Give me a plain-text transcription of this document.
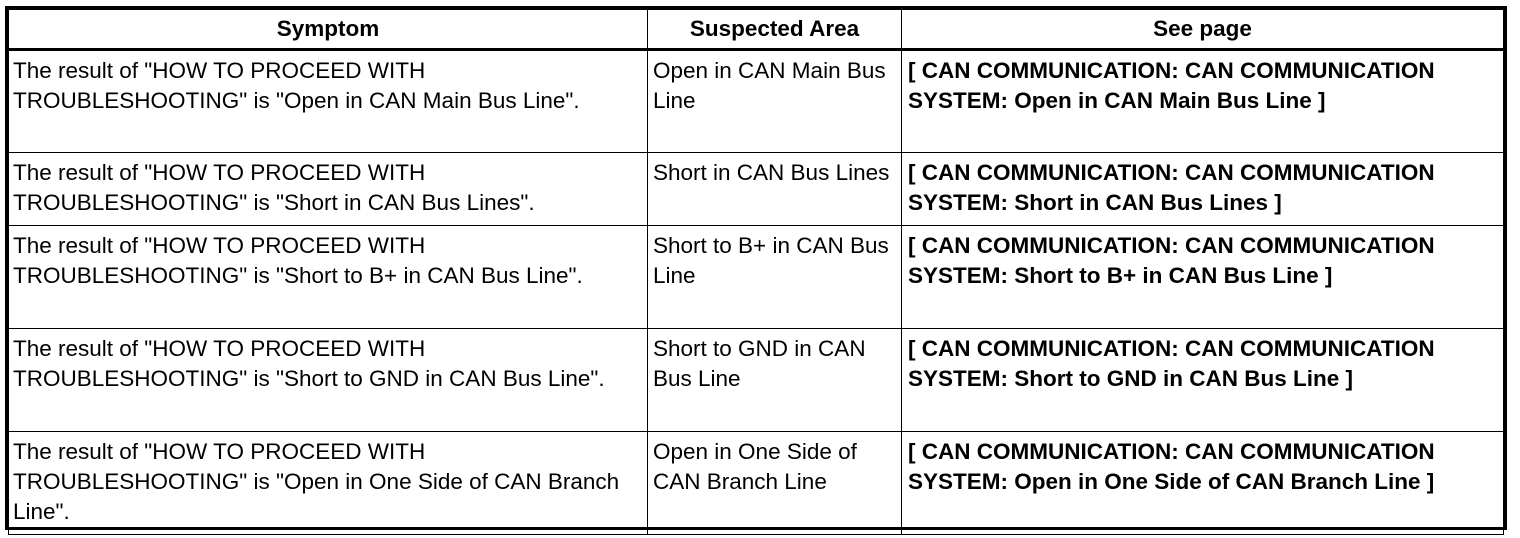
Symptom	Suspected Area	See page
The result of "HOW TO PROCEED WITH TROUBLESHOOTING" is "Open in CAN Main Bus Line".	Open in CAN Main Bus Line	[ CAN COMMUNICATION: CAN COMMUNICATION SYSTEM: Open in CAN Main Bus Line ]
The result of "HOW TO PROCEED WITH TROUBLESHOOTING" is "Short in CAN Bus Lines".	Short in CAN Bus Lines	[ CAN COMMUNICATION: CAN COMMUNICATION SYSTEM: Short in CAN Bus Lines ]
The result of "HOW TO PROCEED WITH TROUBLESHOOTING" is "Short to B+ in CAN Bus Line".	Short to B+ in CAN Bus Line	[ CAN COMMUNICATION: CAN COMMUNICATION SYSTEM: Short to B+ in CAN Bus Line ]
The result of "HOW TO PROCEED WITH TROUBLESHOOTING" is "Short to GND in CAN Bus Line".	Short to GND in CAN Bus Line	[ CAN COMMUNICATION: CAN COMMUNICATION SYSTEM: Short to GND in CAN Bus Line ]
The result of "HOW TO PROCEED WITH TROUBLESHOOTING" is "Open in One Side of CAN Branch Line".	Open in One Side of CAN Branch Line	[ CAN COMMUNICATION: CAN COMMUNICATION SYSTEM: Open in One Side of CAN Branch Line ]
